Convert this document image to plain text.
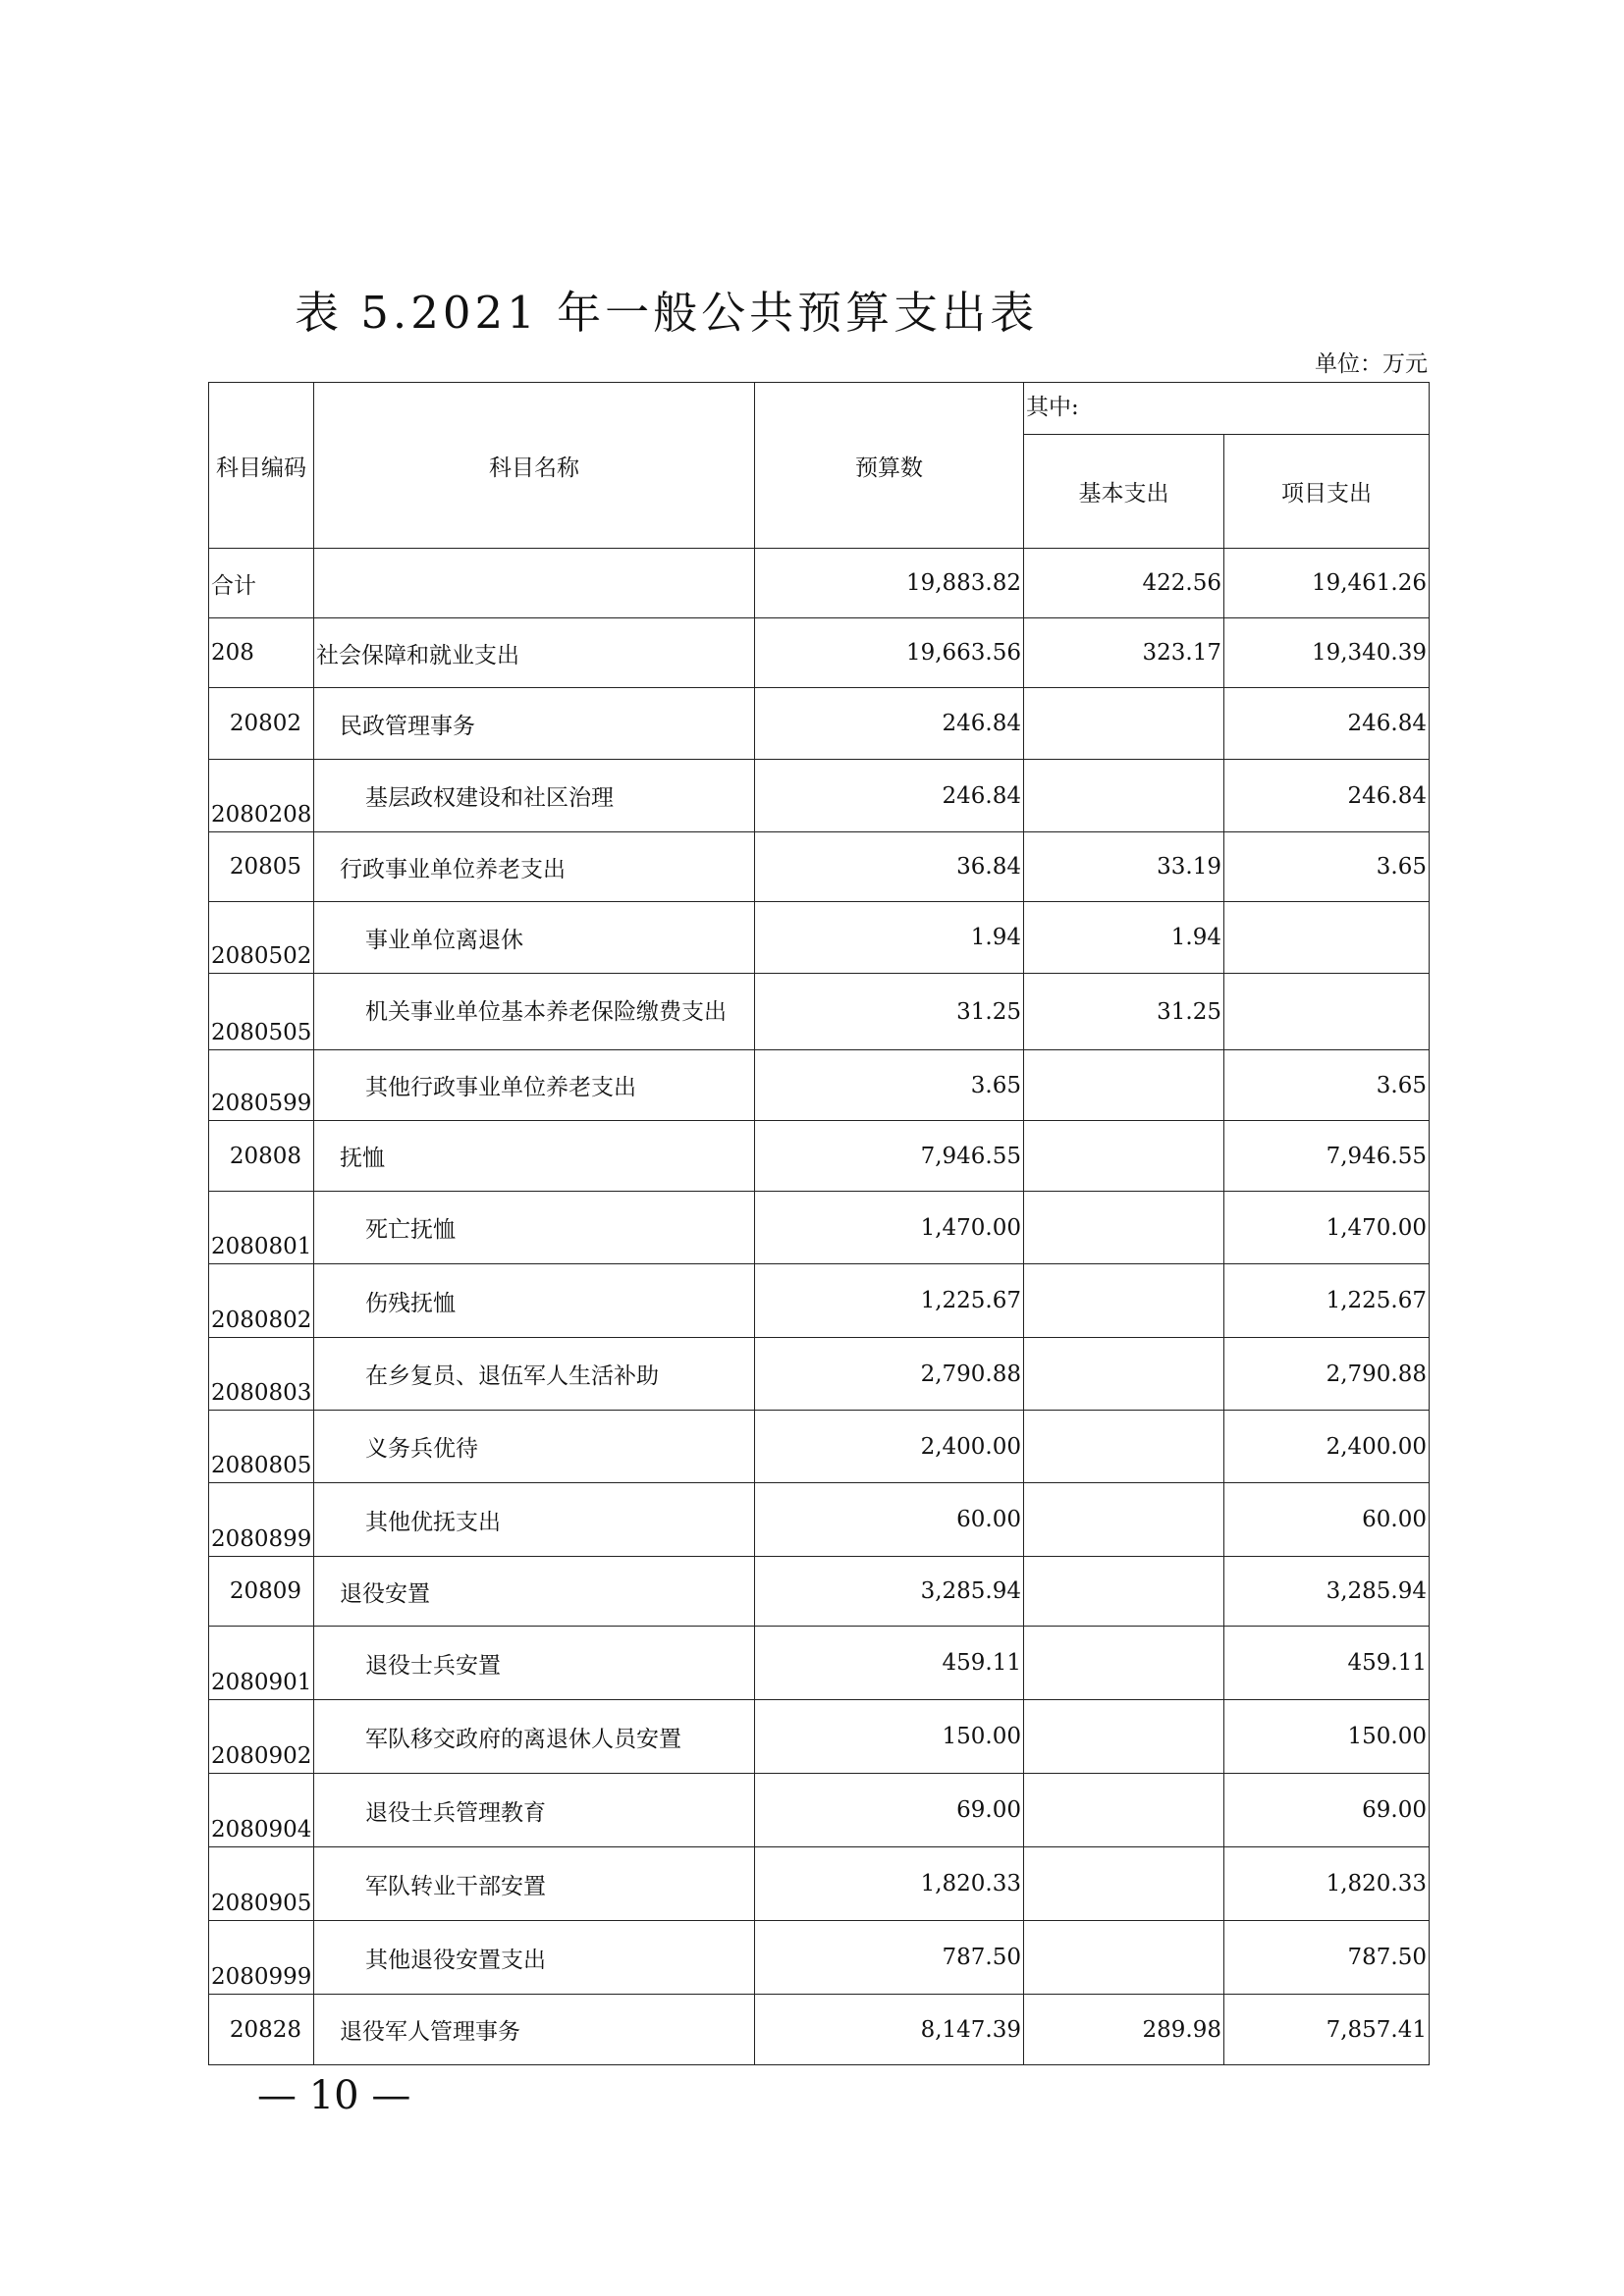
表 5.2021 年一般公共预算支出表
单位：万元
科目编码	科目名称	预算数	其中:	
			基本支出	项目支出
合计		19,883.82	422.56	19,461.26
208	社会保障和就业支出	19,663.56	323.17	19,340.39
20802	民政管理事务	246.84		246.84
2080208	基层政权建设和社区治理	246.84		246.84
20805	行政事业单位养老支出	36.84	33.19	3.65
2080502	事业单位离退休	1.94	1.94	
2080505	机关事业单位基本养老保险缴费支出	31.25	31.25	
2080599	其他行政事业单位养老支出	3.65		3.65
20808	抚恤	7,946.55		7,946.55
2080801	死亡抚恤	1,470.00		1,470.00
2080802	伤残抚恤	1,225.67		1,225.67
2080803	在乡复员、退伍军人生活补助	2,790.88		2,790.88
2080805	义务兵优待	2,400.00		2,400.00
2080899	其他优抚支出	60.00		60.00
20809	退役安置	3,285.94		3,285.94
2080901	退役士兵安置	459.11		459.11
2080902	军队移交政府的离退休人员安置	150.00		150.00
2080904	退役士兵管理教育	69.00		69.00
2080905	军队转业干部安置	1,820.33		1,820.33
2080999	其他退役安置支出	787.50		787.50
20828	退役军人管理事务	8,147.39	289.98	7,857.41
— 10 —
